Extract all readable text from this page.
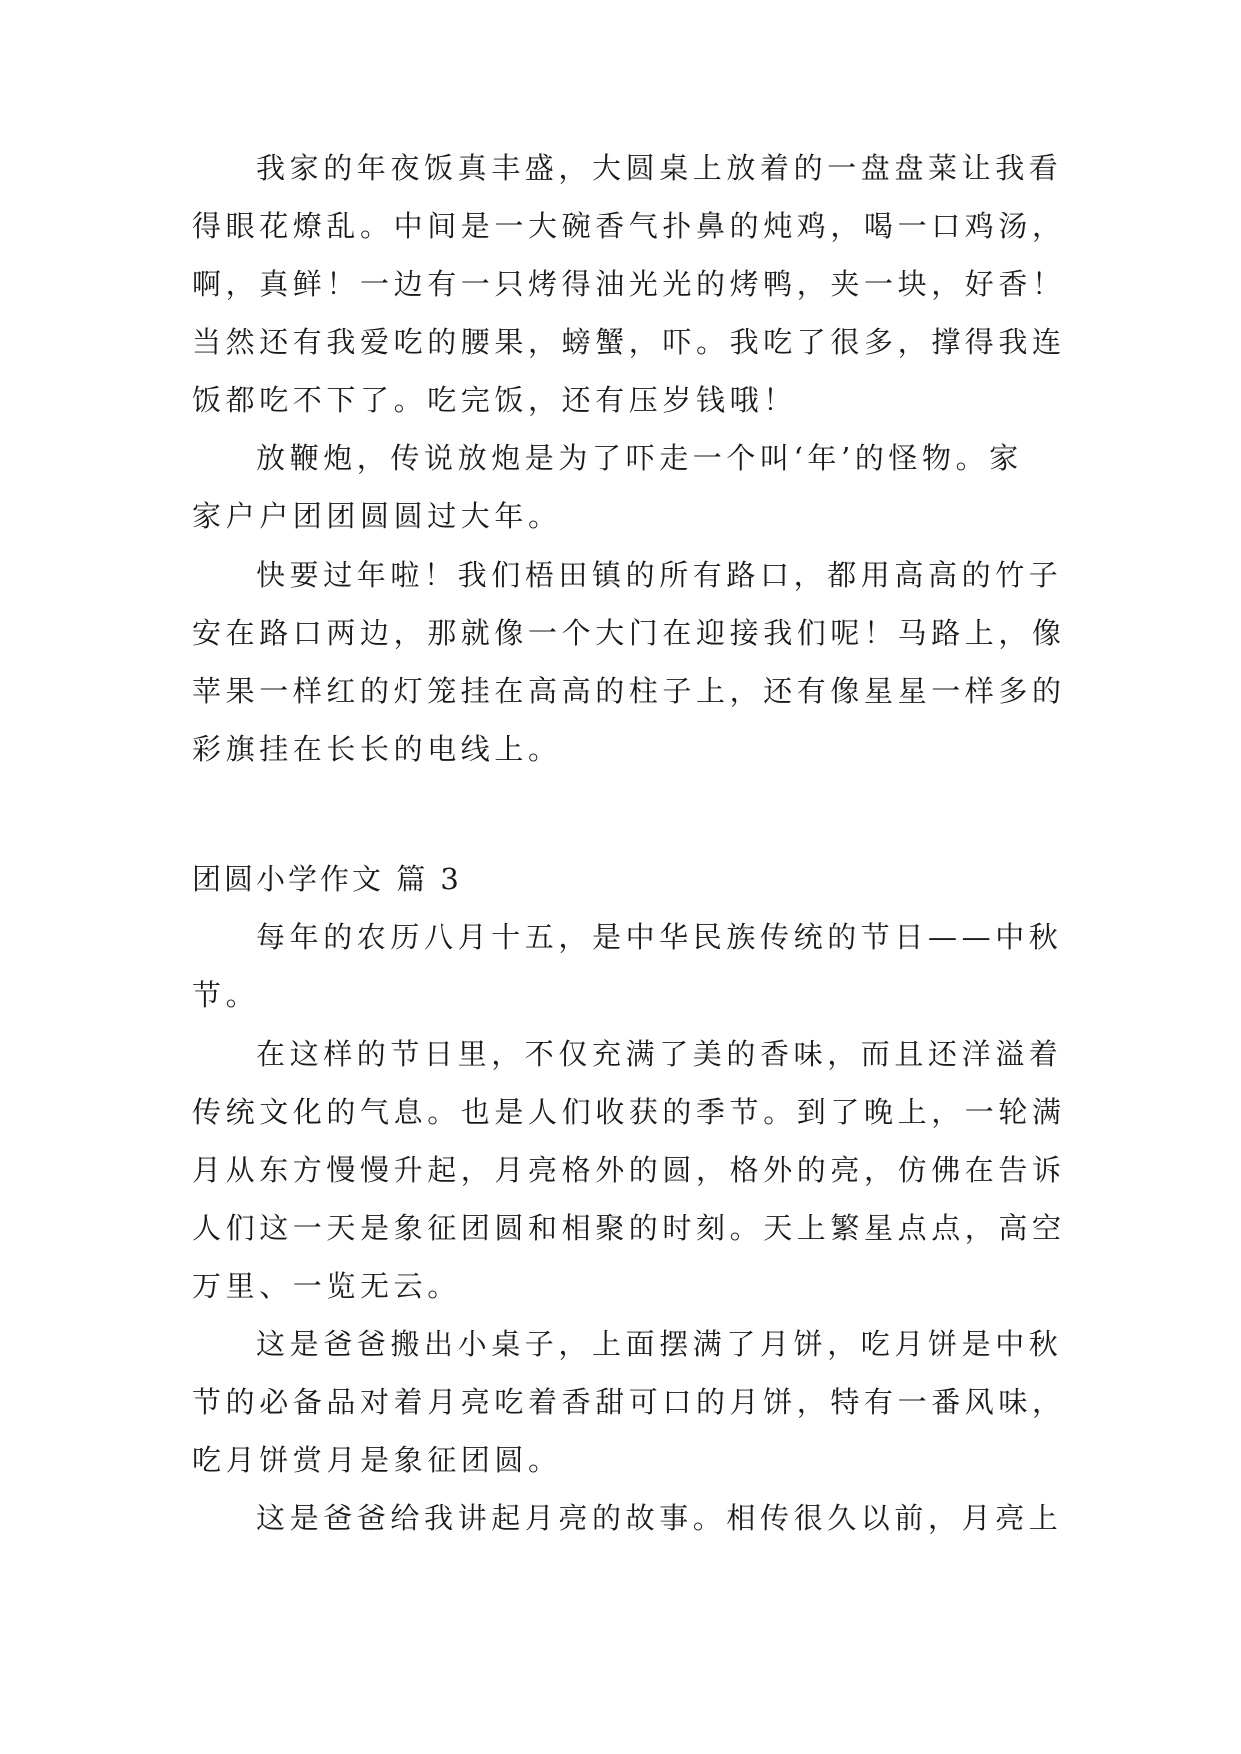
我家的年夜饭真丰盛，大圆桌上放着的一盘盘菜让我看
得眼花燎乱。中间是一大碗香气扑鼻的炖鸡，喝一口鸡汤，
啊，真鲜！一边有一只烤得油光光的烤鸭，夹一块，好香！
当然还有我爱吃的腰果，螃蟹，吓。我吃了很多，撑得我连
饭都吃不下了。吃完饭，还有压岁钱哦！
放鞭炮，传说放炮是为了吓走一个叫‘年’的怪物。家
家户户团团圆圆过大年。
快要过年啦！我们梧田镇的所有路口，都用高高的竹子
安在路口两边，那就像一个大门在迎接我们呢！马路上，像
苹果一样红的灯笼挂在高高的柱子上，还有像星星一样多的
彩旗挂在长长的电线上。
团圆小学作文 篇 3
每年的农历八月十五，是中华民族传统的节日——中秋
节。
在这样的节日里，不仅充满了美的香味，而且还洋溢着
传统文化的气息。也是人们收获的季节。到了晚上，一轮满
月从东方慢慢升起，月亮格外的圆，格外的亮，仿佛在告诉
人们这一天是象征团圆和相聚的时刻。天上繁星点点，高空
万里、一览无云。
这是爸爸搬出小桌子，上面摆满了月饼，吃月饼是中秋
节的必备品对着月亮吃着香甜可口的月饼，特有一番风味，
吃月饼赏月是象征团圆。
这是爸爸给我讲起月亮的故事。相传很久以前，月亮上
